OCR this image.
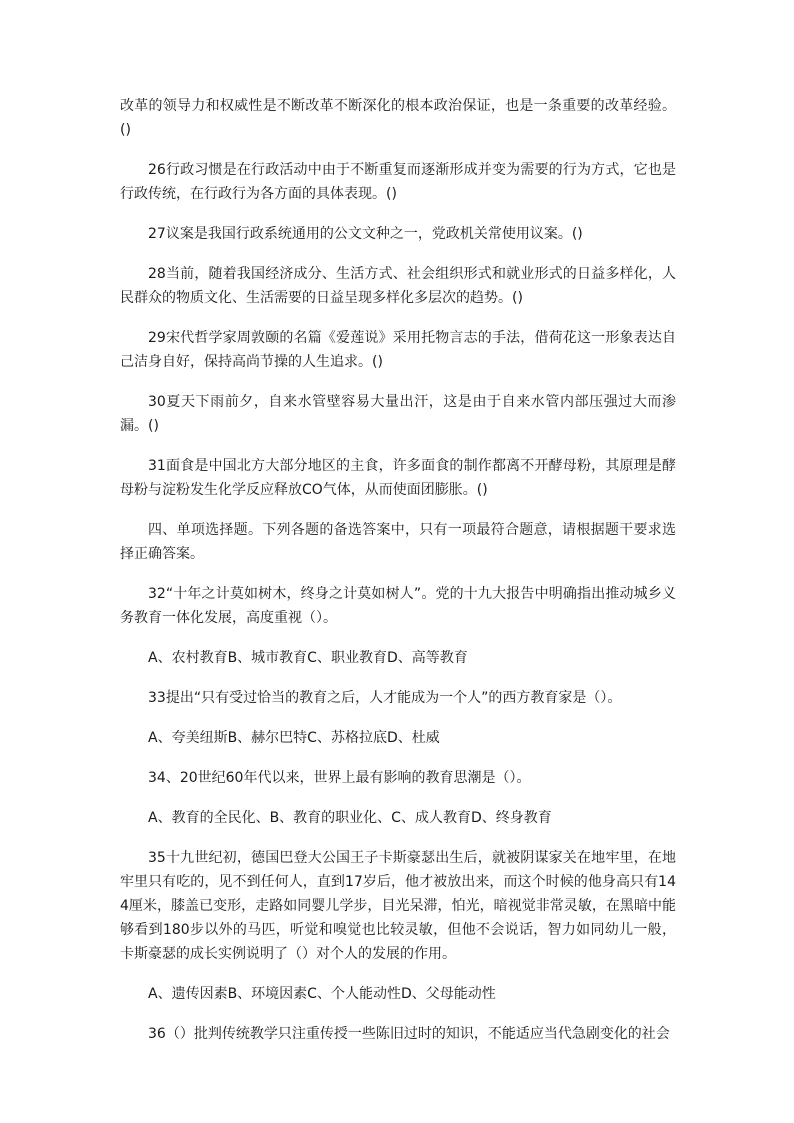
改革的领导力和权威性是不断改革不断深化的根本政治保证，也是一条重要的改革经验。()

26行政习惯是在行政活动中由于不断重复而逐渐形成并变为需要的行为方式，它也是行政传统，在行政行为各方面的具体表现。()

27议案是我国行政系统通用的公文文种之一，党政机关常使用议案。()

28当前，随着我国经济成分、生活方式、社会组织形式和就业形式的日益多样化，人民群众的物质文化、生活需要的日益呈现多样化多层次的趋势。()

29宋代哲学家周敦颐的名篇《爱莲说》采用托物言志的手法，借荷花这一形象表达自己洁身自好，保持高尚节操的人生追求。()

30夏天下雨前夕，自来水管壁容易大量出汗，这是由于自来水管内部压强过大而渗漏。()

31面食是中国北方大部分地区的主食，许多面食的制作都离不开酵母粉，其原理是酵母粉与淀粉发生化学反应释放CO气体，从而使面团膨胀。()

四、单项选择题。下列各题的备选答案中，只有一项最符合题意，请根据题干要求选择正确答案。

32“十年之计莫如树木，终身之计莫如树人”。党的十九大报告中明确指出推动城乡义务教育一体化发展，高度重视（）。

A、农村教育B、城市教育C、职业教育D、高等教育

33提出“只有受过恰当的教育之后，人才能成为一个人”的西方教育家是（）。

A、夸美纽斯B、赫尔巴特C、苏格拉底D、杜威

34、20世纪60年代以来，世界上最有影响的教育思潮是（）。

A、教育的全民化、B、教育的职业化、C、成人教育D、终身教育

35十九世纪初，德国巴登大公国王子卡斯豪瑟出生后，就被阴谋家关在地牢里，在地牢里只有吃的，见不到任何人，直到17岁后，他才被放出来，而这个时候的他身高只有144厘米，膝盖已变形，走路如同婴儿学步，目光呆滞，怕光，暗视觉非常灵敏，在黑暗中能够看到180步以外的马匹，听觉和嗅觉也比较灵敏，但他不会说话，智力如同幼儿一般，卡斯豪瑟的成长实例说明了（）对个人的发展的作用。

A、遗传因素B、环境因素C、个人能动性D、父母能动性

36（）批判传统教学只注重传授一些陈旧过时的知识，不能适应当代急剧变化的社会
